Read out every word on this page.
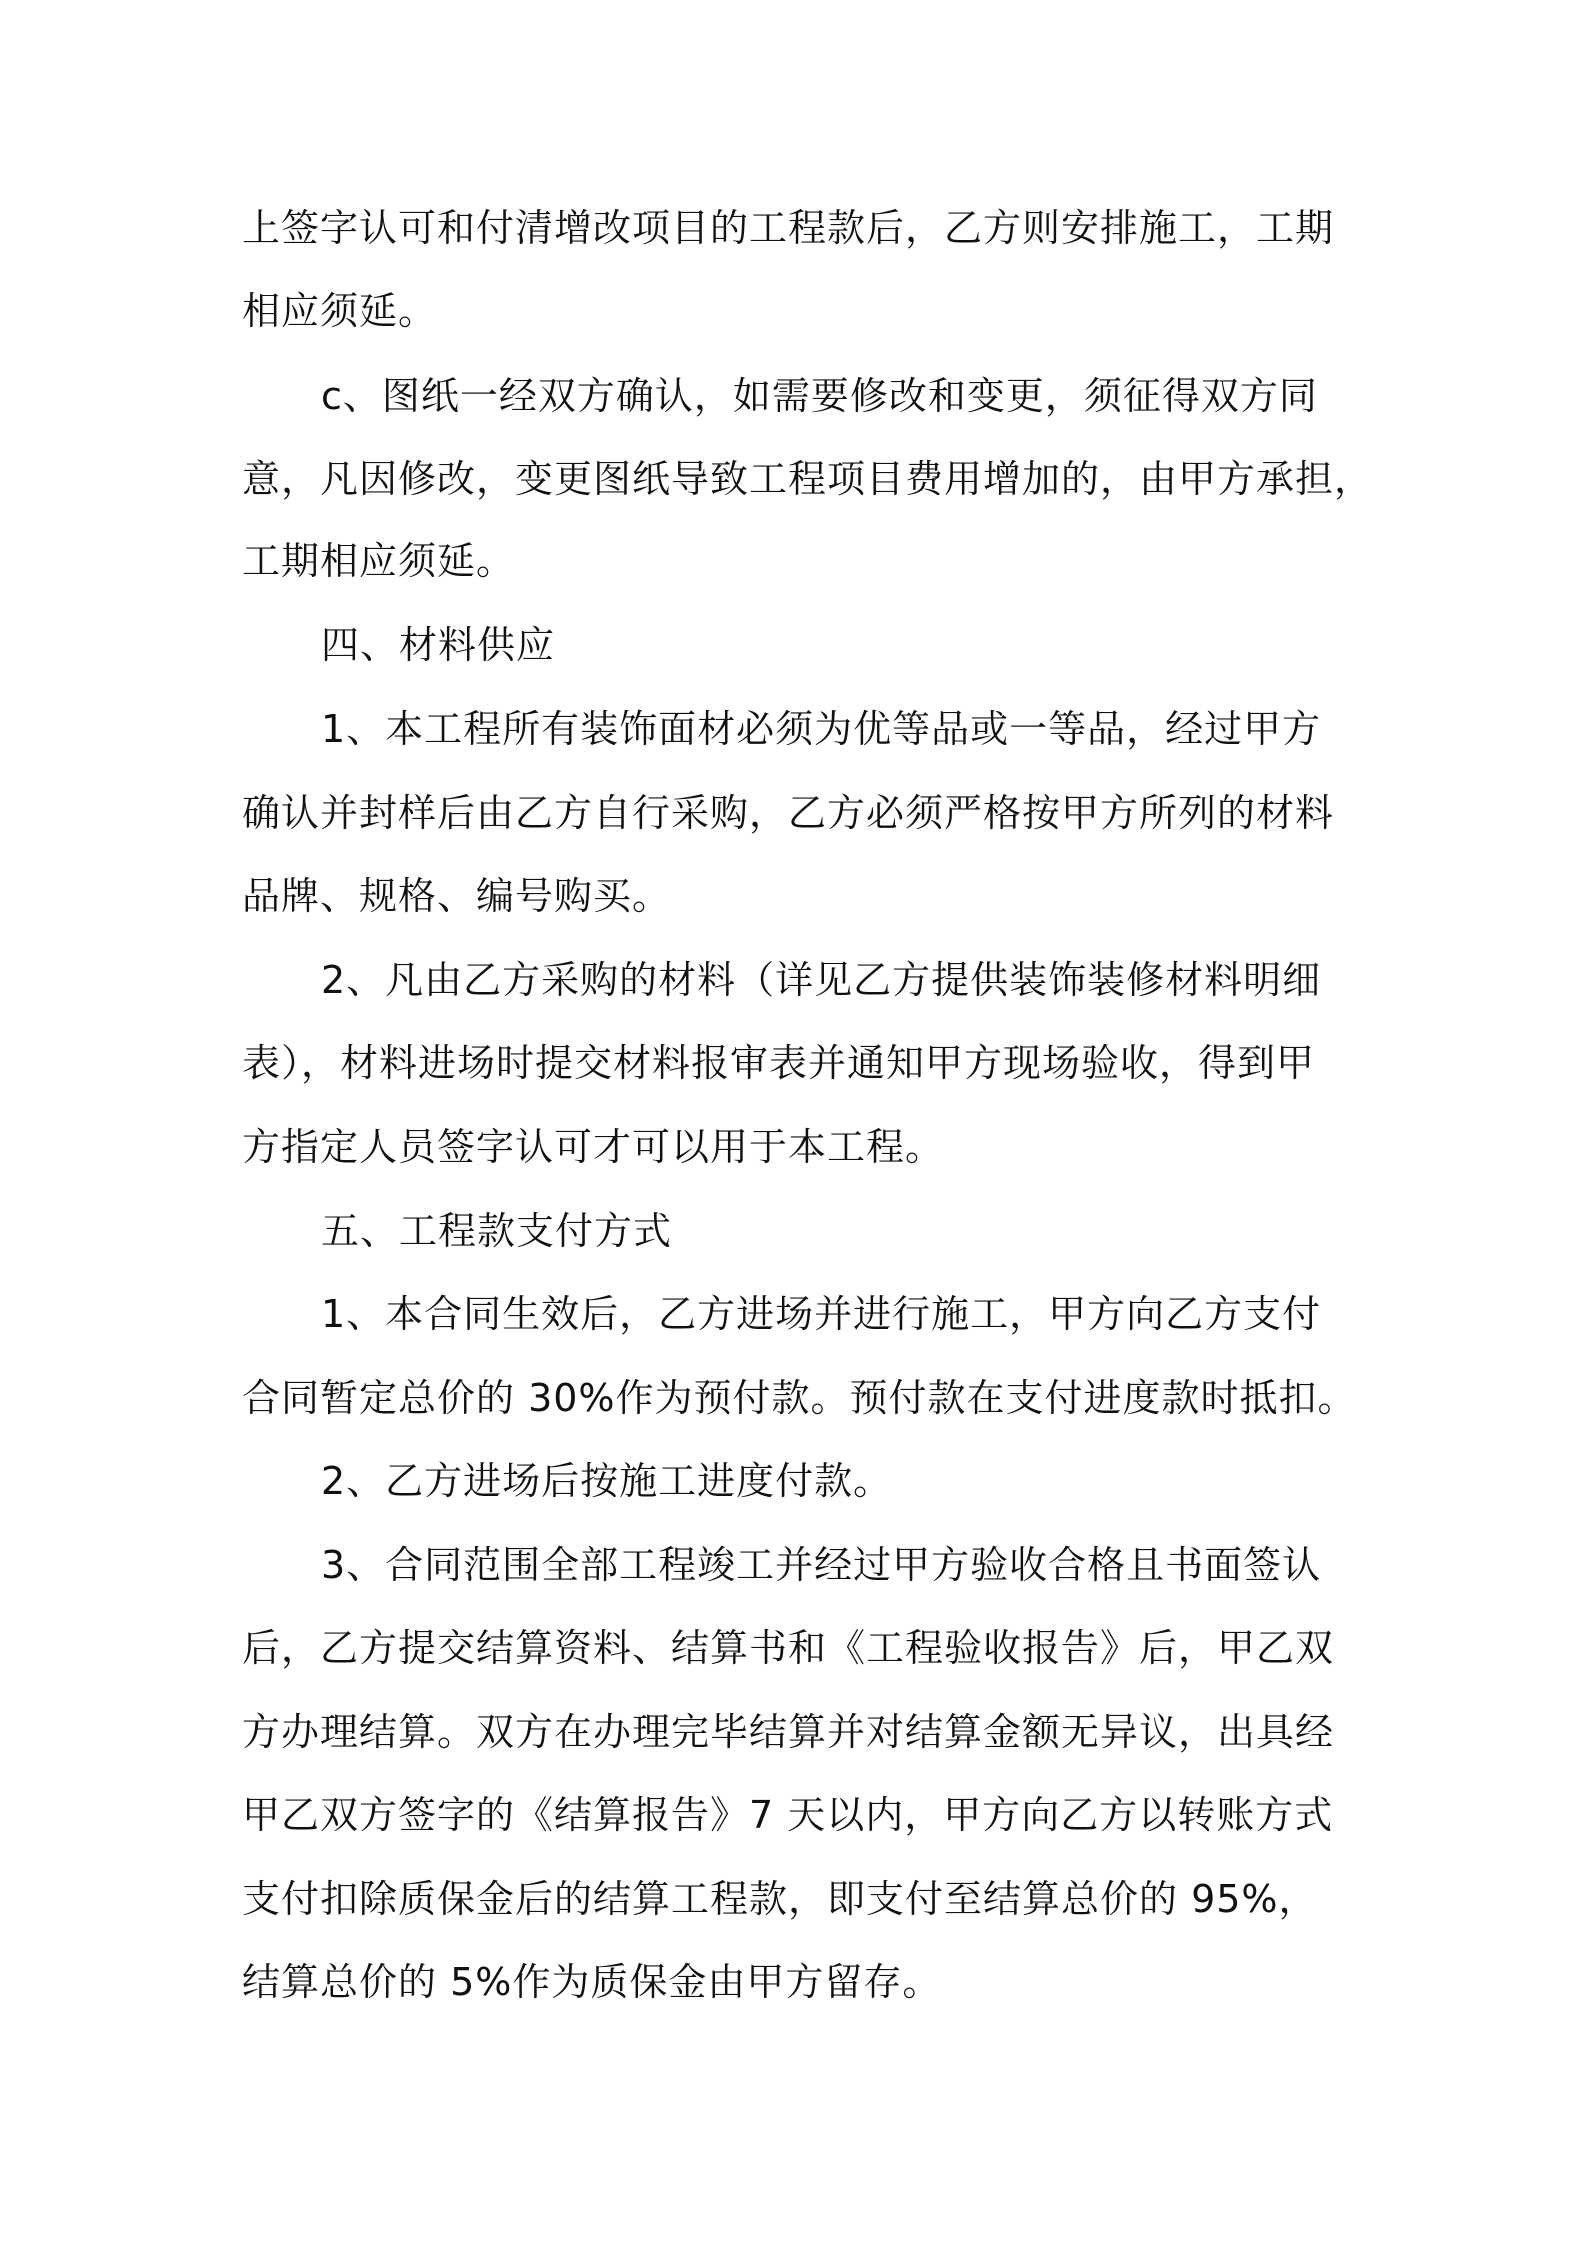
上签字认可和付清增改项目的工程款后，乙方则安排施工，工期
相应须延。
c、图纸一经双方确认，如需要修改和变更，须征得双方同
意，凡因修改，变更图纸导致工程项目费用增加的，由甲方承担，
工期相应须延。
四、材料供应
1、本工程所有装饰面材必须为优等品或一等品，经过甲方
确认并封样后由乙方自行采购，乙方必须严格按甲方所列的材料
品牌、规格、编号购买。
2、凡由乙方采购的材料（详见乙方提供装饰装修材料明细
表），材料进场时提交材料报审表并通知甲方现场验收，得到甲
方指定人员签字认可才可以用于本工程。
五、工程款支付方式
1、本合同生效后，乙方进场并进行施工，甲方向乙方支付
合同暂定总价的 30%作为预付款。预付款在支付进度款时抵扣。
2、乙方进场后按施工进度付款。
3、合同范围全部工程竣工并经过甲方验收合格且书面签认
后，乙方提交结算资料、结算书和《工程验收报告》后，甲乙双
方办理结算。双方在办理完毕结算并对结算金额无异议，出具经
甲乙双方签字的《结算报告》7 天以内，甲方向乙方以转账方式
支付扣除质保金后的结算工程款，即支付至结算总价的 95%，
结算总价的 5%作为质保金由甲方留存。
